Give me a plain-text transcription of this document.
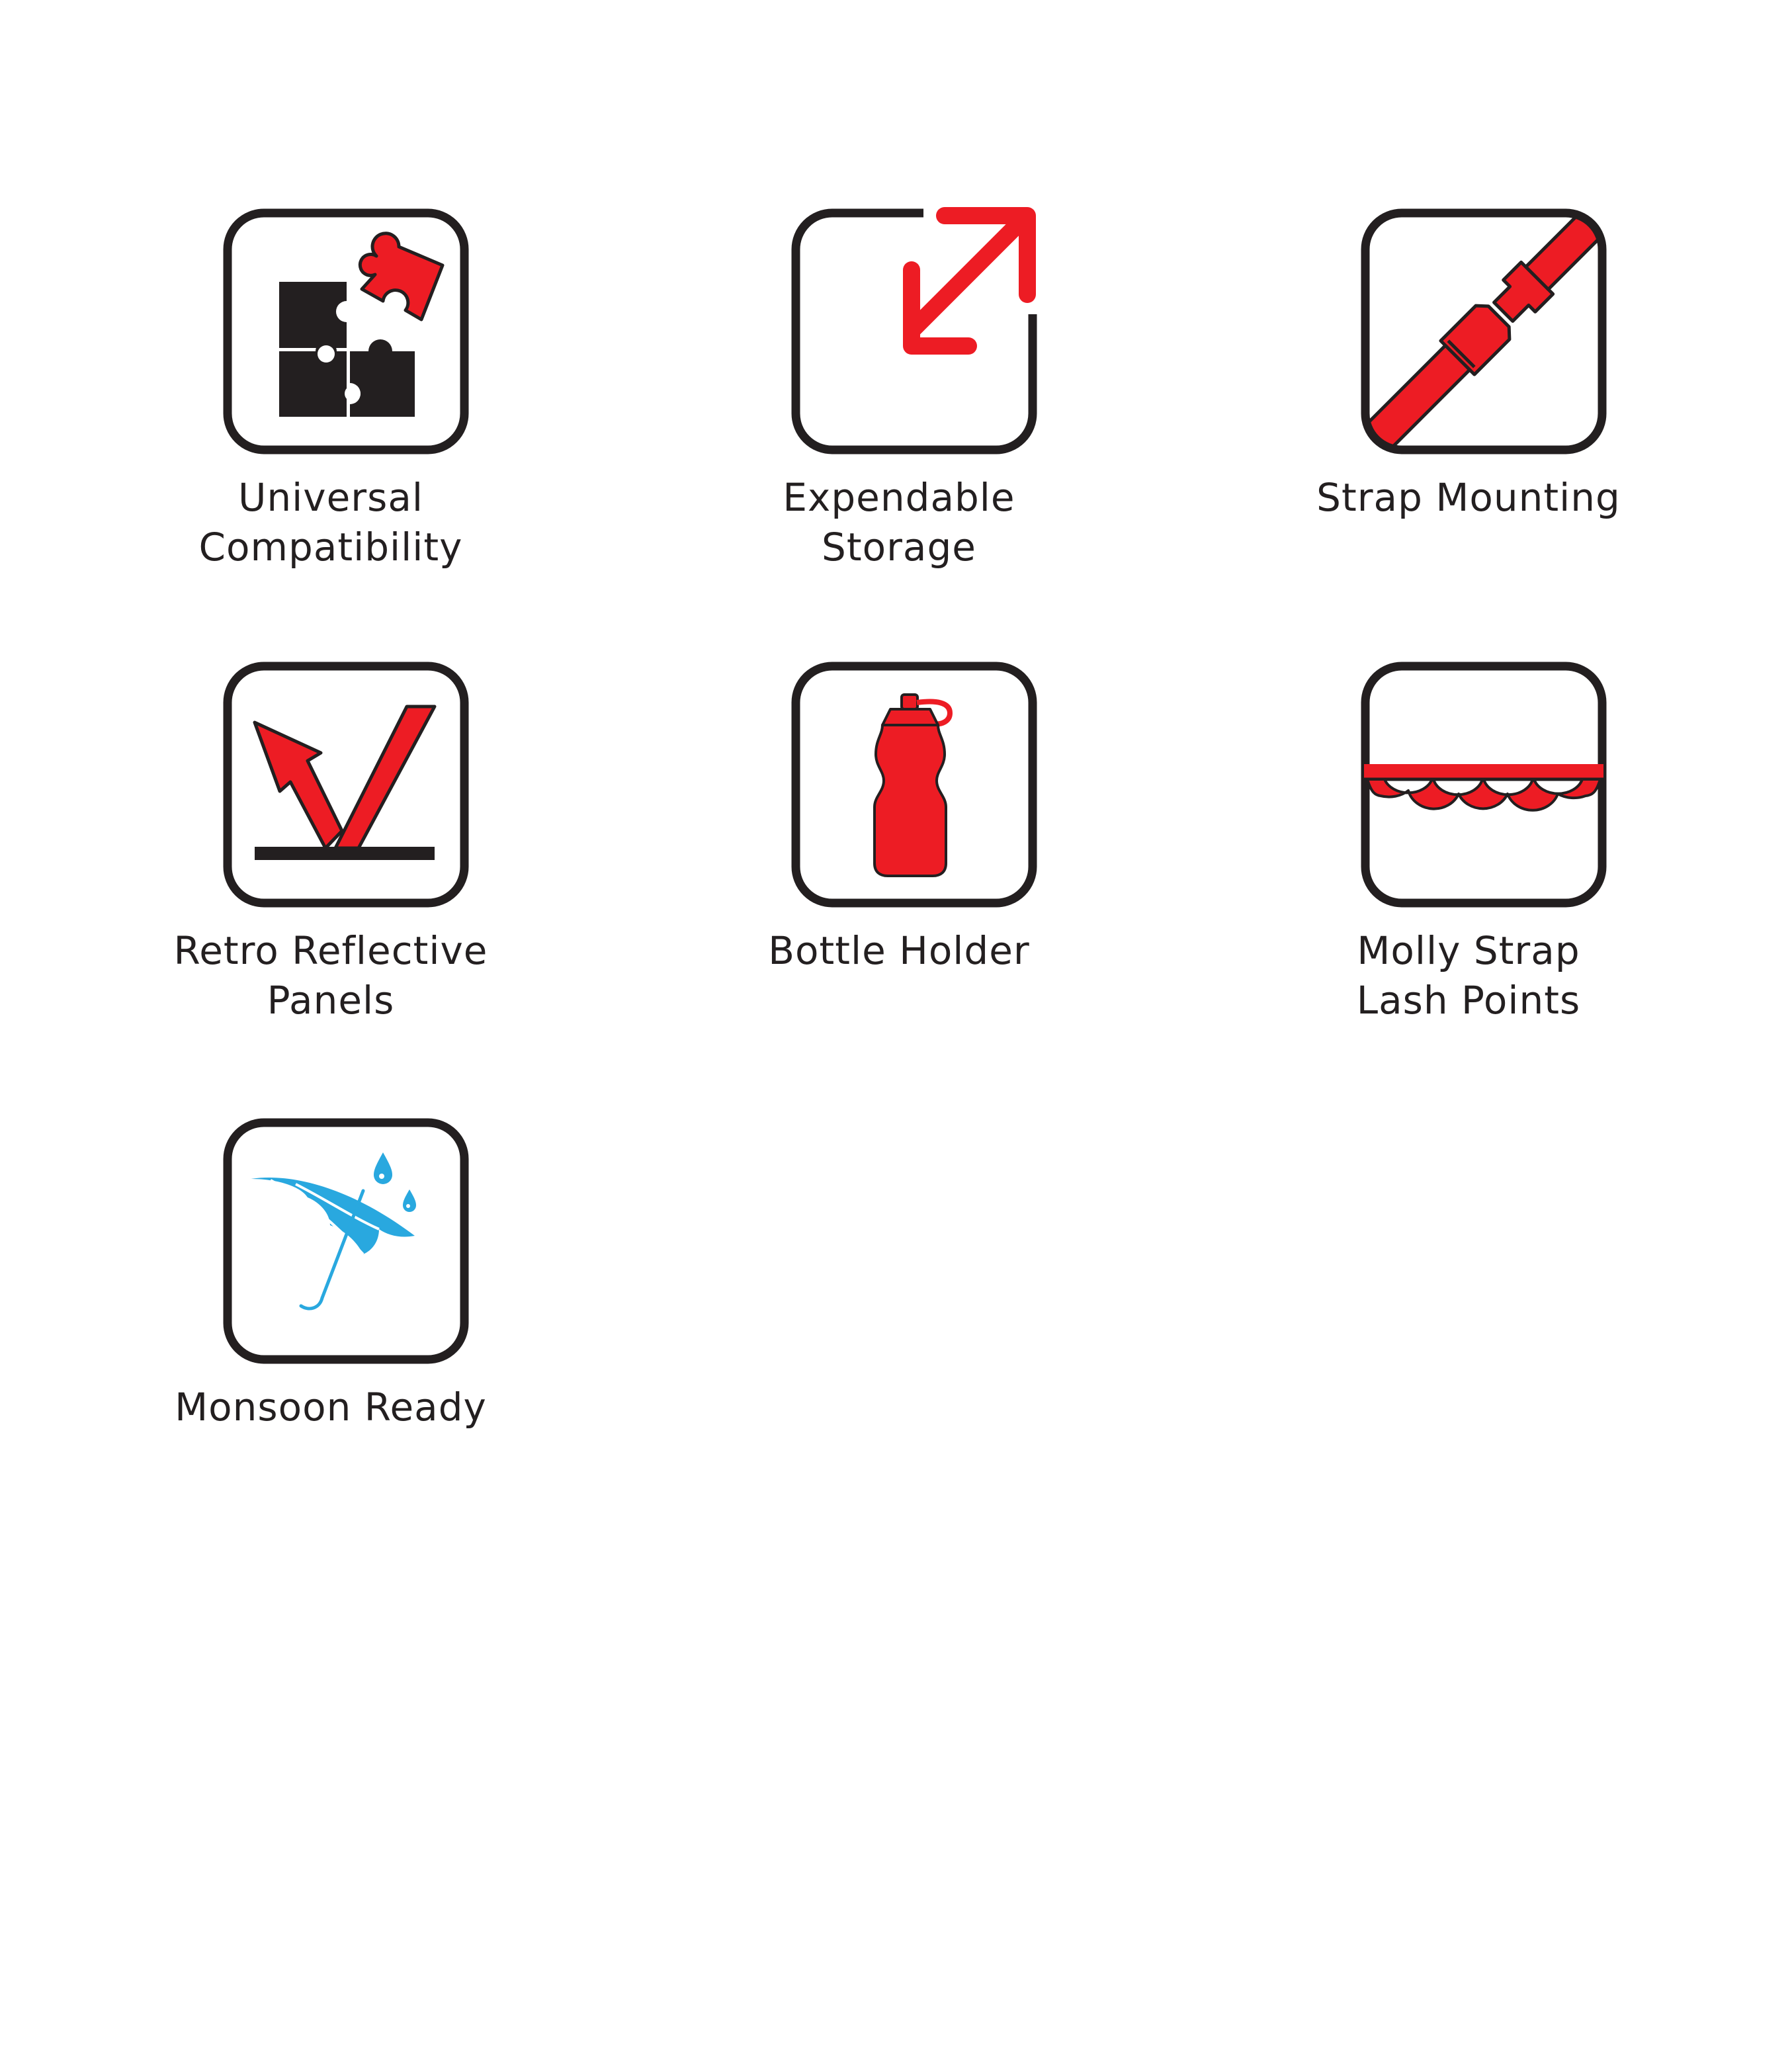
Universal
Compatibility
Expendable
Storage
Strap Mounting
Retro Reflective
Panels
Bottle Holder	Molly Strap
Lash Points
Monsoon Ready
